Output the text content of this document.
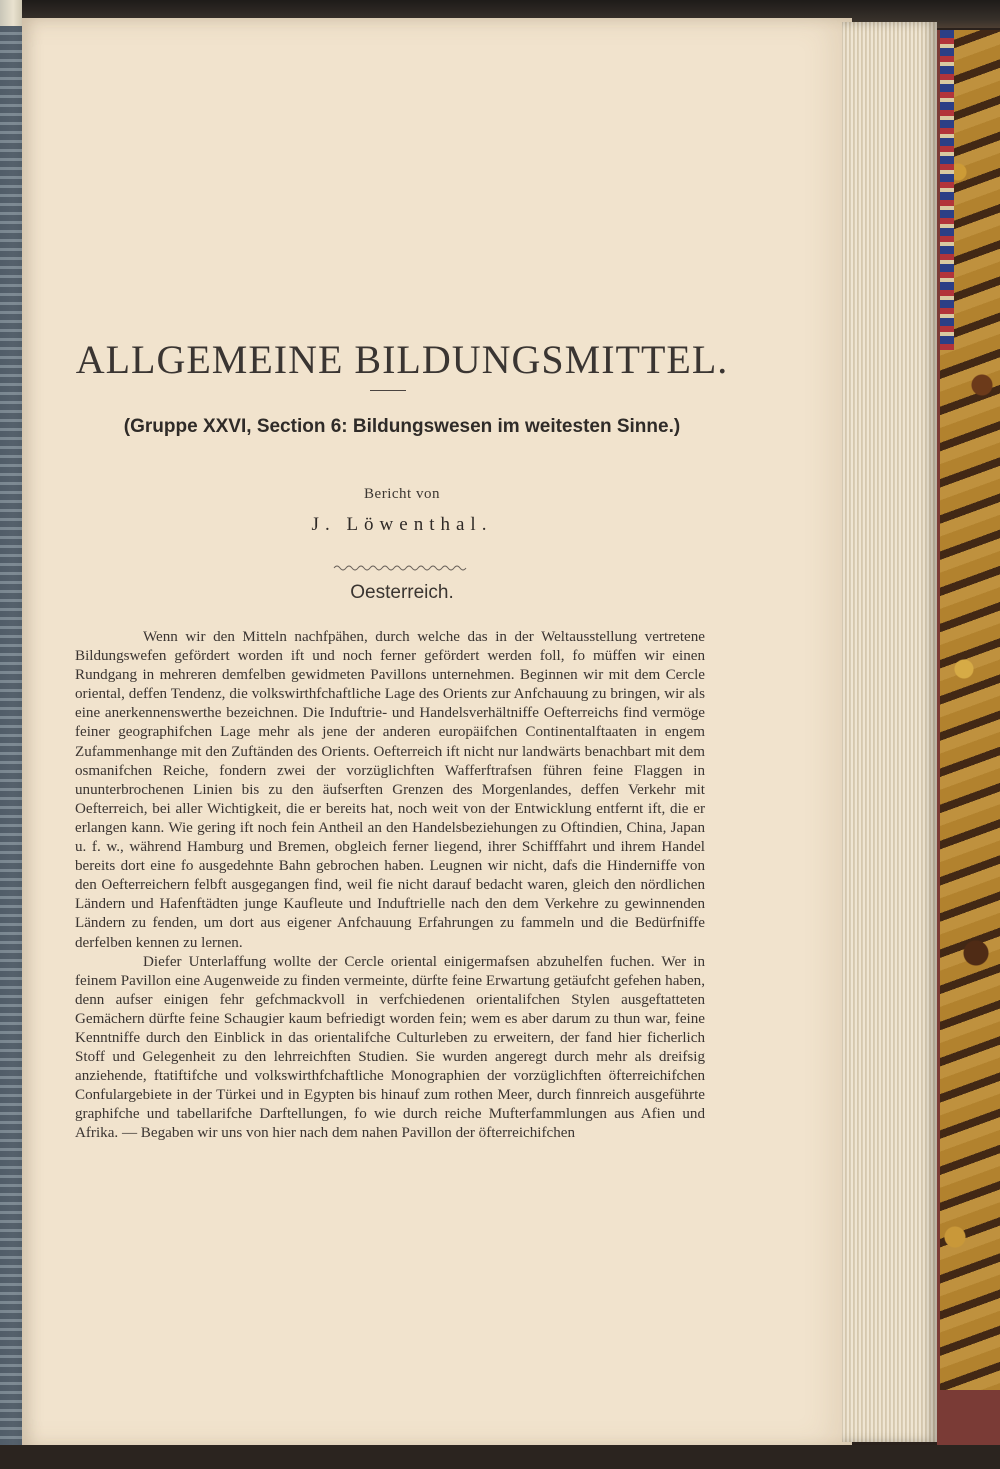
ALLGEMEINE BILDUNGSMITTEL.
(Gruppe XXVI, Section 6: Bildungswesen im weitesten Sinne.)
Bericht von
J. Löwenthal.
Oesterreich.

Wenn wir den Mitteln nachfpähen, durch welche das in der Weltausstellung vertretene Bildungswefen gefördert worden ift und noch ferner gefördert werden foll, fo müffen wir einen Rundgang in mehreren demfelben gewidmeten Pavillons unternehmen. Beginnen wir mit dem Cercle oriental, deffen Tendenz, die volkswirthfchaftliche Lage des Orients zur Anfchauung zu bringen, wir als eine anerkennenswerthe bezeichnen. Die Induftrie- und Handelsverhältniffe Oefterreichs find vermöge feiner geographifchen Lage mehr als jene der anderen europäifchen Continentalftaaten in engem Zufammenhange mit den Zuftänden des Orients. Oefterreich ift nicht nur landwärts benachbart mit dem osmanifchen Reiche, fondern zwei der vorzüglichften Wafferftrafsen führen feine Flaggen in ununterbrochenen Linien bis zu den äufserften Grenzen des Morgenlandes, deffen Verkehr mit Oefterreich, bei aller Wichtigkeit, die er bereits hat, noch weit von der Entwicklung entfernt ift, die er erlangen kann. Wie gering ift noch fein Antheil an den Handelsbeziehungen zu Oftindien, China, Japan u. f. w., während Hamburg und Bremen, obgleich ferner liegend, ihrer Schifffahrt und ihrem Handel bereits dort eine fo ausgedehnte Bahn gebrochen haben. Leugnen wir nicht, dafs die Hinderniffe von den Oefterreichern felbft ausgegangen find, weil fie nicht darauf bedacht waren, gleich den nördlichen Ländern und Hafenftädten junge Kaufleute und Induftrielle nach den dem Verkehre zu gewinnenden Ländern zu fenden, um dort aus eigener Anfchauung Erfahrungen zu fammeln und die Bedürfniffe derfelben kennen zu lernen.

Diefer Unterlaffung wollte der Cercle oriental einigermafsen abzuhelfen fuchen. Wer in feinem Pavillon eine Augenweide zu finden vermeinte, dürfte feine Erwartung getäufcht gefehen haben, denn aufser einigen fehr gefchmackvoll in verfchiedenen orientalifchen Stylen ausgeftatteten Gemächern dürfte feine Schaugier kaum befriedigt worden fein; wem es aber darum zu thun war, feine Kenntniffe durch den Einblick in das orientalifche Culturleben zu erweitern, der fand hier ficherlich Stoff und Gelegenheit zu den lehrreichften Studien. Sie wurden angeregt durch mehr als dreifsig anziehende, ftatiftifche und volkswirthfchaftliche Monographien der vorzüglichften öfterreichifchen Confulargebiete in der Türkei und in Egypten bis hinauf zum rothen Meer, durch finnreich ausgeführte graphifche und tabellarifche Darftellungen, fo wie durch reiche Mufterfammlungen aus Afien und Afrika. — Begaben wir uns von hier nach dem nahen Pavillon der öfterreichifchen
